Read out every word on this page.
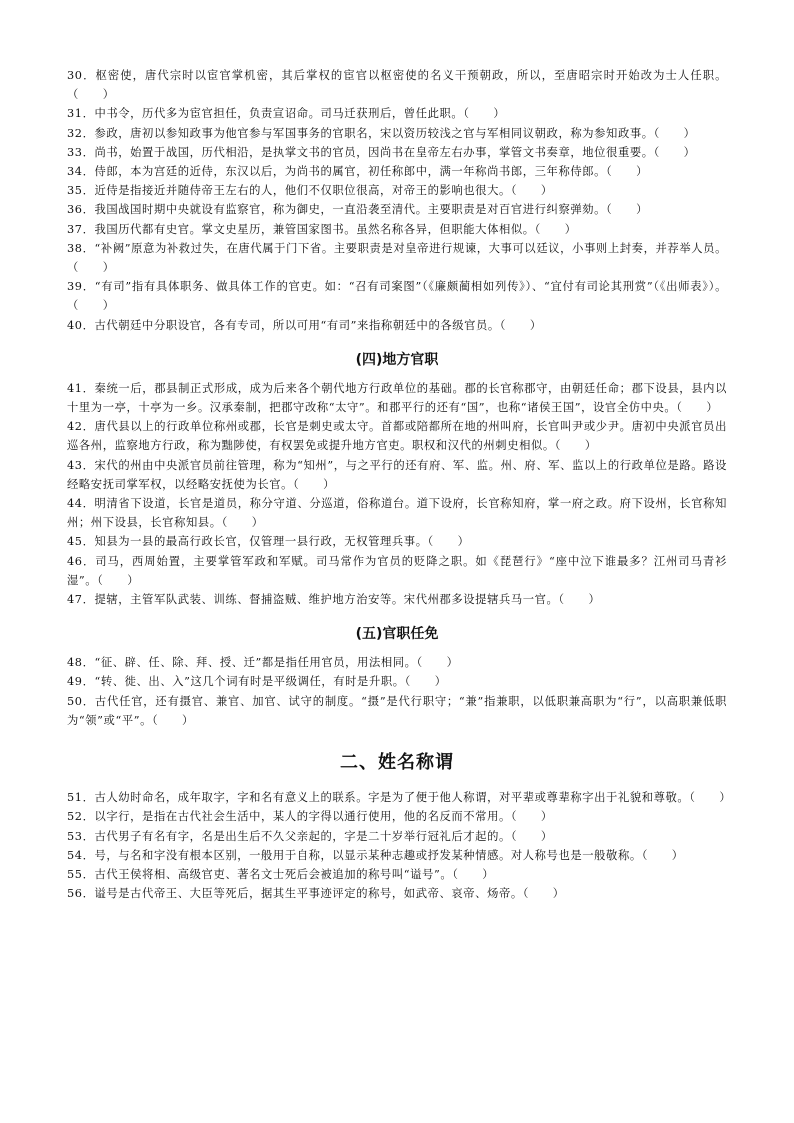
30．枢密使，唐代宗时以宦官掌机密，其后掌权的宦官以枢密使的名义干预朝政，所以，至唐昭宗时开始改为士人任职。（　　）

31．中书令，历代多为宦官担任，负责宣诏命。司马迁获刑后，曾任此职。（　　）

32．参政，唐初以参知政事为他官参与军国事务的官职名，宋以资历较浅之官与军相同议朝政，称为参知政事。（　　）

33．尚书，始置于战国，历代相沿，是执掌文书的官员，因尚书在皇帝左右办事，掌管文书奏章，地位很重要。（　　）

34．侍郎，本为宫廷的近侍，东汉以后，为尚书的属官，初任称郎中，满一年称尚书郎，三年称侍郎。（　　）

35．近侍是指接近并随侍帝王左右的人，他们不仅职位很高，对帝王的影响也很大。（　　）

36．我国战国时期中央就设有监察官，称为御史，一直沿袭至清代。主要职责是对百官进行纠察弹劾。（　　）

37．我国历代都有史官。掌文史星历，兼管国家图书。虽然名称各异，但职能大体相似。（　　）

38．“补阙”原意为补救过失，在唐代属于门下省。主要职责是对皇帝进行规谏，大事可以廷议，小事则上封奏，并荐举人员。（　　）

39．“有司”指有具体职务、做具体工作的官吏。如：“召有司案图”（《廉颇蔺相如列传》）、“宜付有司论其刑赏”（《出师表》）。（　　）

40．古代朝廷中分职设官，各有专司，所以可用“有司”来指称朝廷中的各级官员。（　　）

(四)地方官职

41．秦统一后，郡县制正式形成，成为后来各个朝代地方行政单位的基础。郡的长官称郡守，由朝廷任命；郡下设县，县内以十里为一亭，十亭为一乡。汉承秦制，把郡守改称“太守”。和郡平行的还有“国”，也称“诸侯王国”，设官全仿中央。（　　）

42．唐代县以上的行政单位称州或郡，长官是刺史或太守。首都或陪都所在地的州叫府，长官叫尹或少尹。唐初中央派官员出巡各州，监察地方行政，称为黜陟使，有权罢免或提升地方官吏。职权和汉代的州刺史相似。（　　）

43．宋代的州由中央派官员前往管理，称为“知州”，与之平行的还有府、军、监。州、府、军、监以上的行政单位是路。路设经略安抚司掌军权，以经略安抚使为长官。（　　）

44．明清省下设道，长官是道员，称分守道、分巡道，俗称道台。道下设府，长官称知府，掌一府之政。府下设州，长官称知州；州下设县，长官称知县。（　　）

45．知县为一县的最高行政长官，仅管理一县行政，无权管理兵事。（　　）

46．司马，西周始置，主要掌管军政和军赋。司马常作为官员的贬降之职。如《琵琶行》“座中泣下谁最多？江州司马青衫湿”。（　　）

47．提辖，主管军队武装、训练、督捕盗贼、维护地方治安等。宋代州郡多设提辖兵马一官。（　　）

(五)官职任免

48．“征、辟、任、除、拜、授、迁”都是指任用官员，用法相同。（　　）

49．“转、徙、出、入”这几个词有时是平级调任，有时是升职。（　　）

50．古代任官，还有摄官、兼官、加官、试守的制度。“摄”是代行职守；“兼”指兼职，以低职兼高职为“行”，以高职兼低职为“领”或“平”。（　　）

二、姓名称谓

51．古人幼时命名，成年取字，字和名有意义上的联系。字是为了便于他人称谓，对平辈或尊辈称字出于礼貌和尊敬。（　　）

52．以字行，是指在古代社会生活中，某人的字得以通行使用，他的名反而不常用。（　　）

53．古代男子有名有字，名是出生后不久父亲起的，字是二十岁举行冠礼后才起的。（　　）

54．号，与名和字没有根本区别，一般用于自称，以显示某种志趣或抒发某种情感。对人称号也是一般敬称。（　　）

55．古代王侯将相、高级官吏、著名文士死后会被追加的称号叫“谥号”。（　　）

56．谥号是古代帝王、大臣等死后，据其生平事迹评定的称号，如武帝、哀帝、炀帝。（　　）
